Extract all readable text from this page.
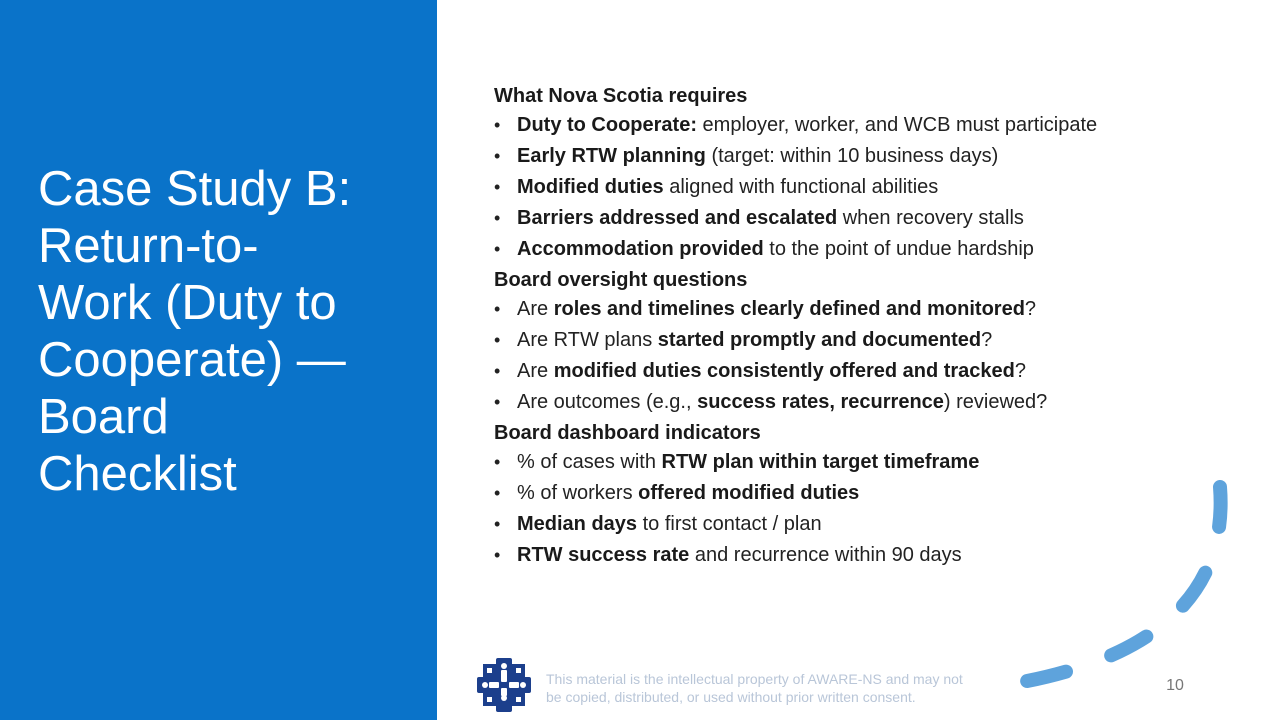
Case Study B:
Return-to-
Work (Duty to
Cooperate) —
Board
Checklist
What Nova Scotia requires
• Duty to Cooperate: employer, worker, and WCB must participate
• Early RTW planning (target: within 10 business days)
• Modified duties aligned with functional abilities
• Barriers addressed and escalated when recovery stalls
• Accommodation provided to the point of undue hardship
Board oversight questions
• Are roles and timelines clearly defined and monitored?
• Are RTW plans started promptly and documented?
• Are modified duties consistently offered and tracked?
• Are outcomes (e.g., success rates, recurrence) reviewed?
Board dashboard indicators
• % of cases with RTW plan within target timeframe
• % of workers offered modified duties
• Median days to first contact / plan
• RTW success rate and recurrence within 90 days
This material is the intellectual property of AWARE-NS and may not be copied, distributed, or used without prior written consent.
10
